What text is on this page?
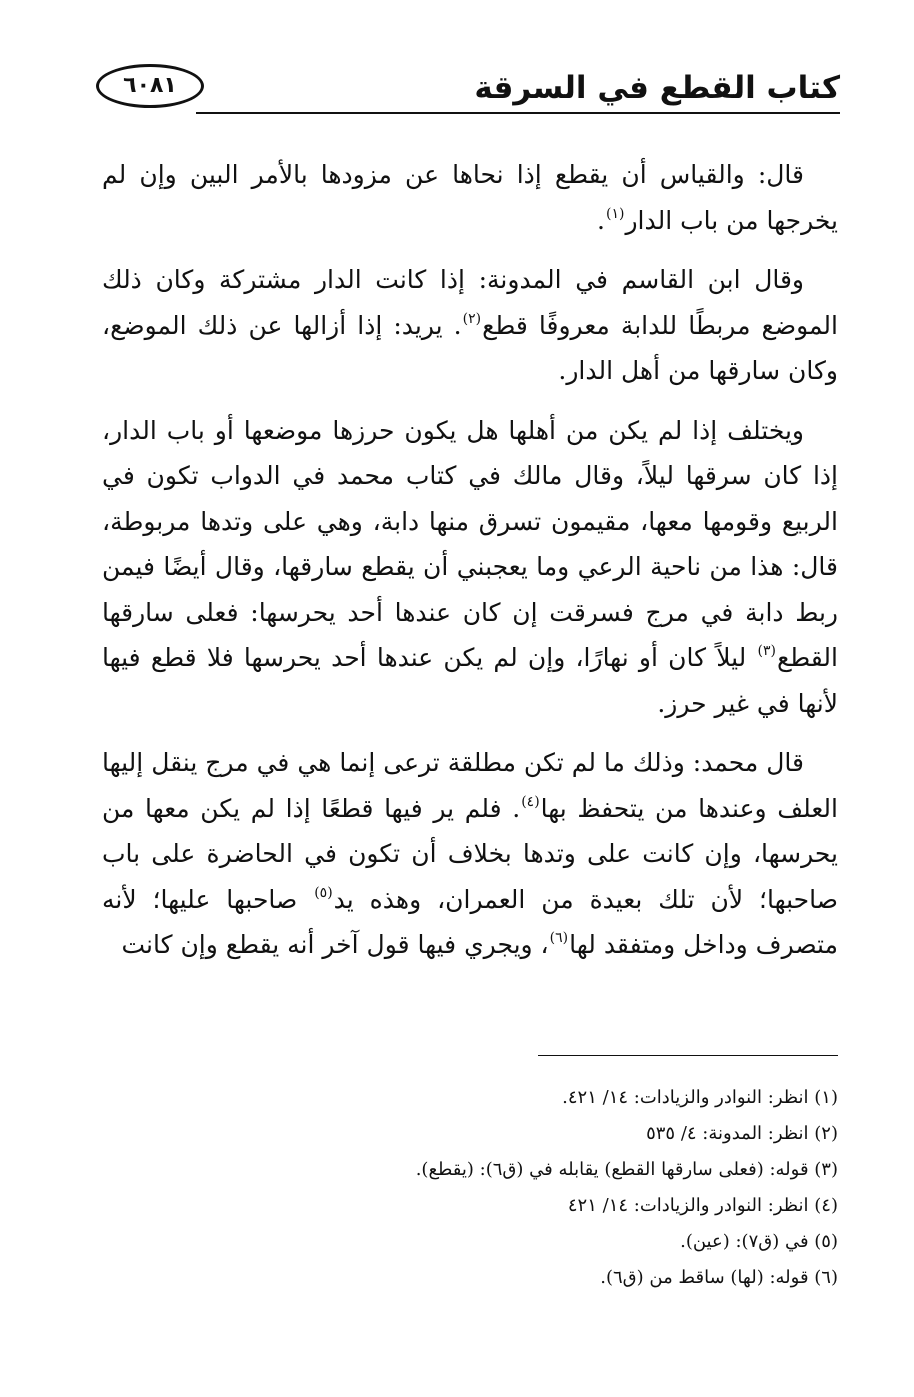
كتاب القطع في السرقة
٦٠٨١

قال: والقياس أن يقطع إذا نحاها عن مزودها بالأمر البين وإن لم يخرجها من باب الدار$^{(١)}$.

وقال ابن القاسم في المدونة: إذا كانت الدار مشتركة وكان ذلك الموضع مربطًا للدابة معروفًا قطع$^{(٢)}$. يريد: إذا أزالها عن ذلك الموضع، وكان سارقها من أهل الدار.

ويختلف إذا لم يكن من أهلها هل يكون حرزها موضعها أو باب الدار، إذا كان سرقها ليلاً، وقال مالك في كتاب محمد في الدواب تكون في الربيع وقومها معها، مقيمون تسرق منها دابة، وهي على وتدها مربوطة، قال: هذا من ناحية الرعي وما يعجبني أن يقطع سارقها، وقال أيضًا فيمن ربط دابة في مرج فسرقت إن كان عندها أحد يحرسها: فعلى سارقها القطع$^{(٣)}$ ليلاً كان أو نهارًا، وإن لم يكن عندها أحد يحرسها فلا قطع فيها لأنها في غير حرز.

قال محمد: وذلك ما لم تكن مطلقة ترعى إنما هي في مرج ينقل إليها العلف وعندها من يتحفظ بها$^{(٤)}$. فلم ير فيها قطعًا إذا لم يكن معها من يحرسها، وإن كانت على وتدها بخلاف أن تكون في الحاضرة على باب صاحبها؛ لأن تلك بعيدة من العمران، وهذه يد$^{(٥)}$ صاحبها عليها؛ لأنه متصرف وداخل ومتفقد لها$^{(٦)}$، ويجري فيها قول آخر أنه يقطع وإن كانت

(١) انظر: النوادر والزيادات: ١٤/ ٤٢١.
(٢) انظر: المدونة: ٤/ ٥٣٥
(٣) قوله: (فعلى سارقها القطع) يقابله في (ق٦): (يقطع).
(٤) انظر: النوادر والزيادات: ١٤/ ٤٢١
(٥) في (ق٧): (عين).
(٦) قوله: (لها) ساقط من (ق٦).
